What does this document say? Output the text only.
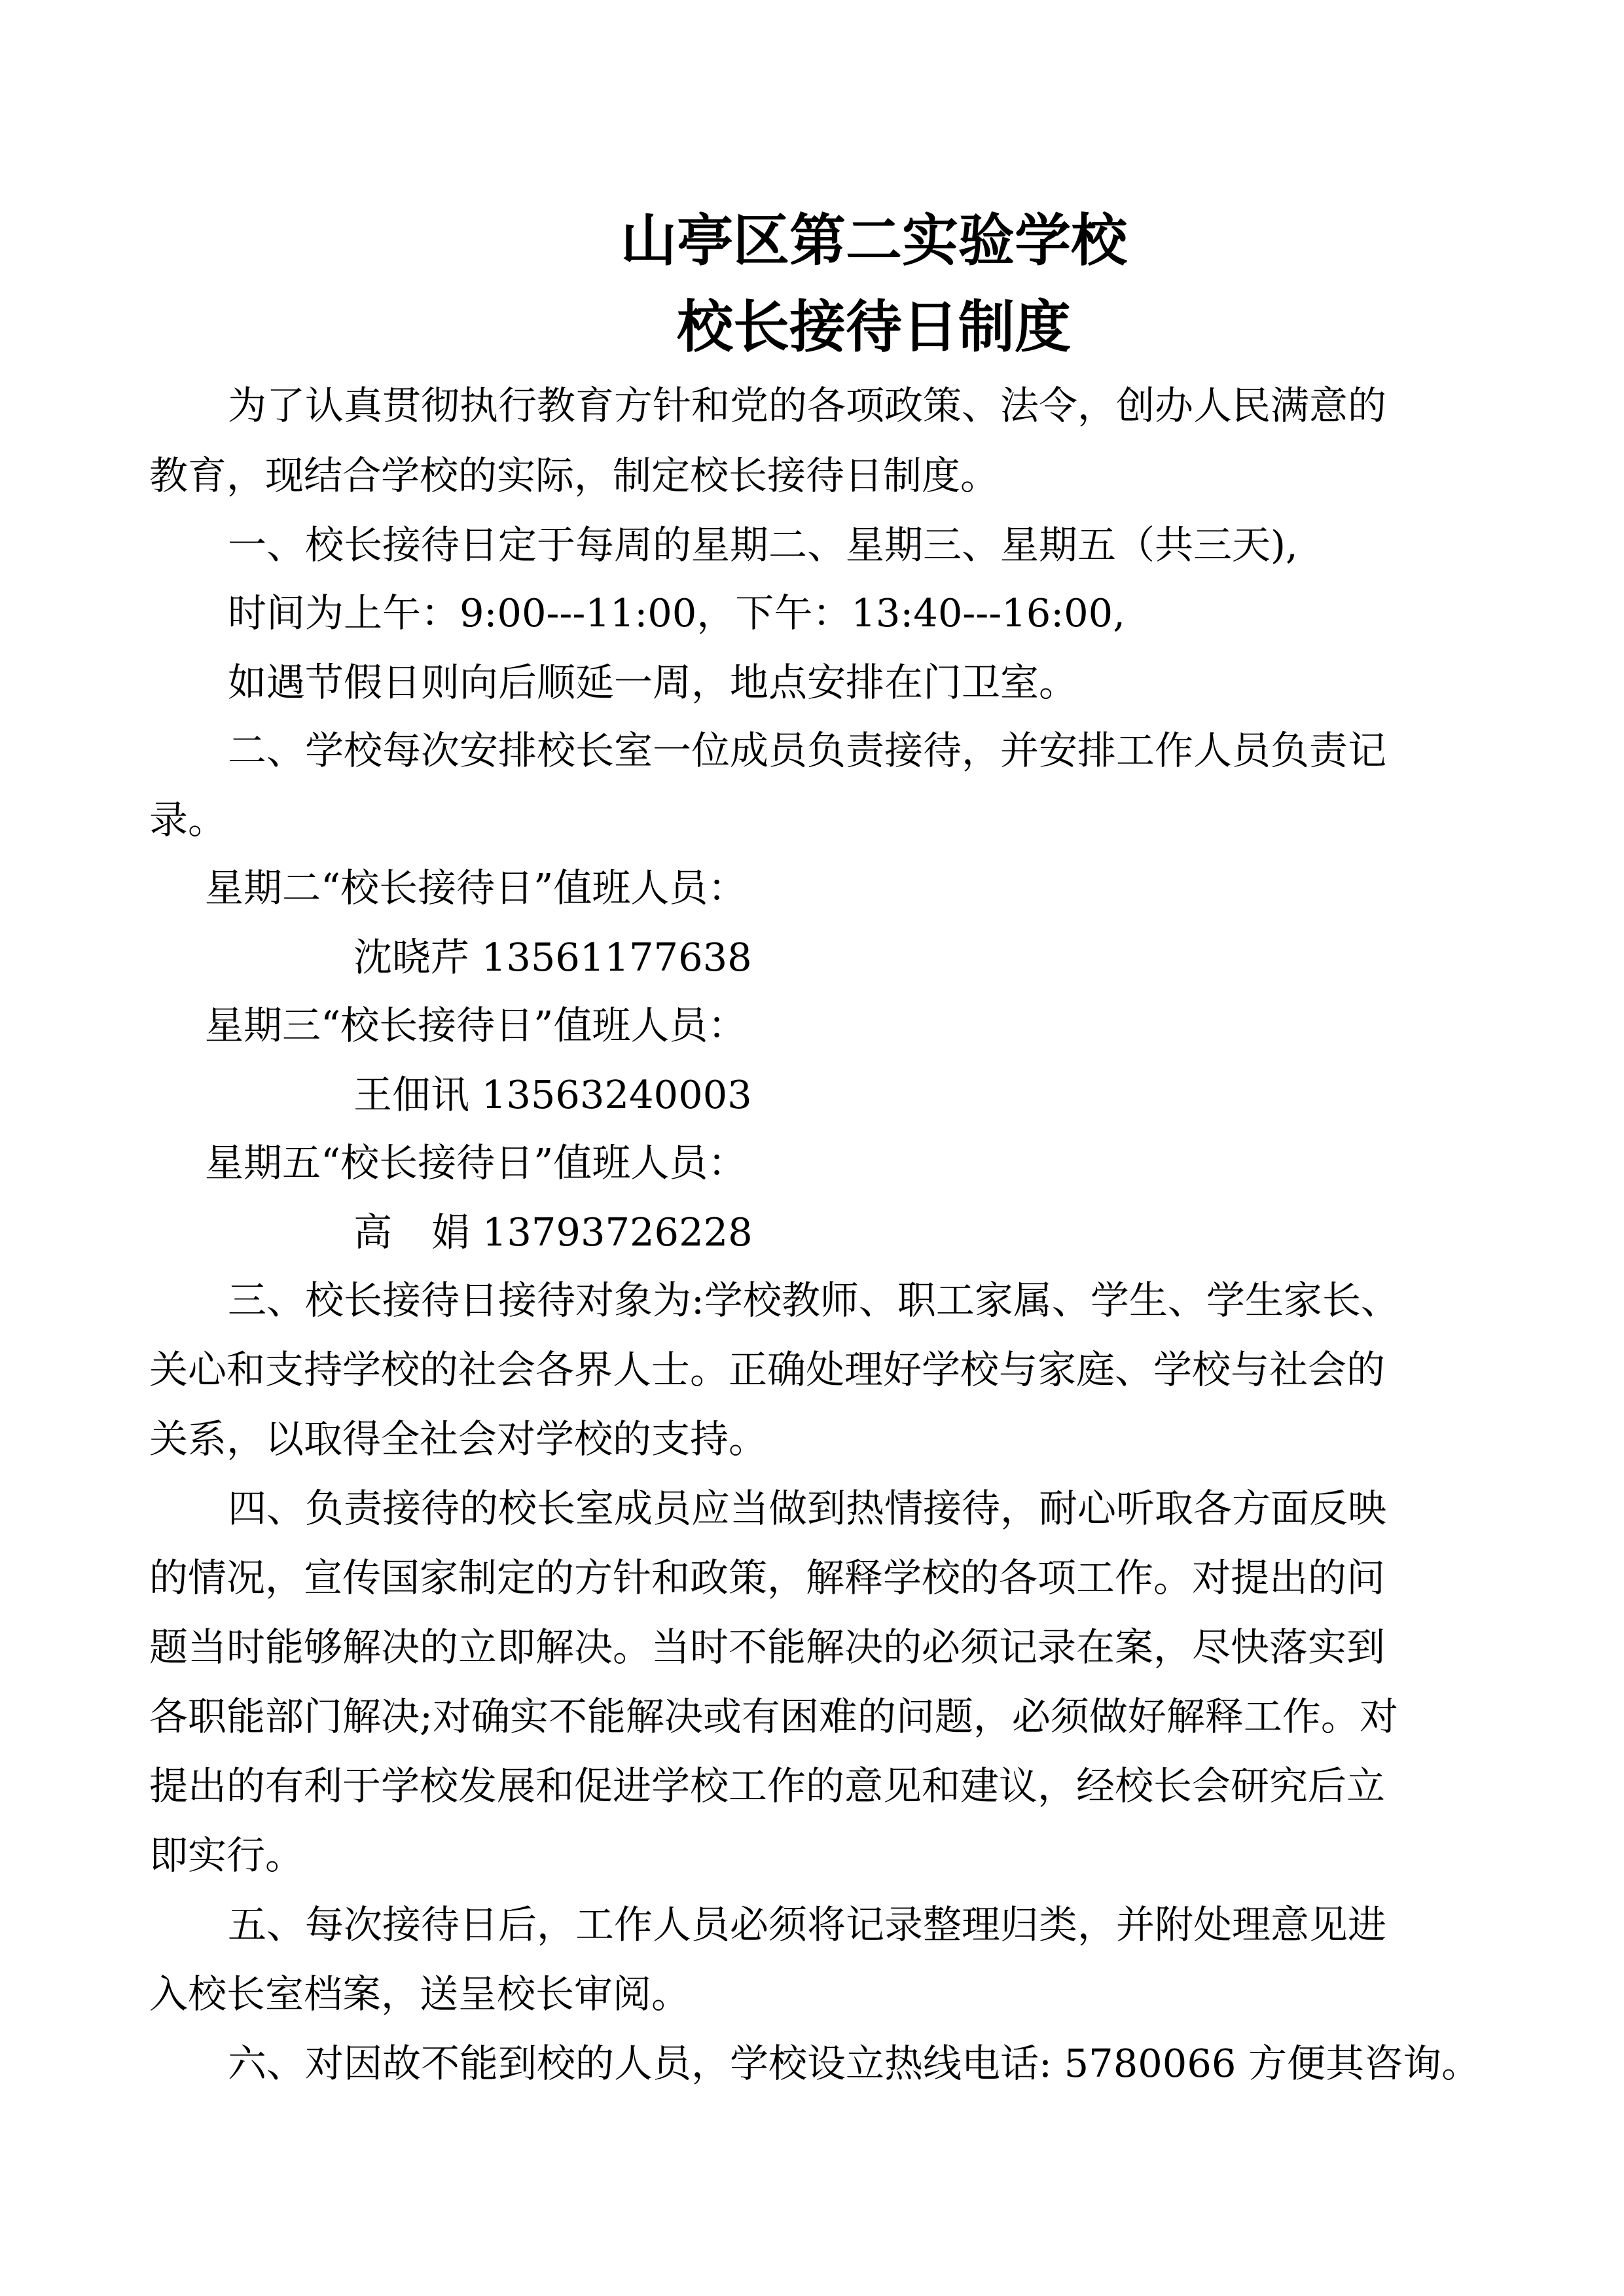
山亭区第二实验学校
校长接待日制度
为了认真贯彻执行教育方针和党的各项政策、法令，创办人民满意的
教育，现结合学校的实际，制定校长接待日制度。
一、校长接待日定于每周的星期二、星期三、星期五（共三天),
时间为上午：9:00---11:00，下午：13:40---16:00,
如遇节假日则向后顺延一周，地点安排在门卫室。
二、学校每次安排校长室一位成员负责接待，并安排工作人员负责记
录。
星期二“校长接待日”值班人员：
沈晓芹 13561177638
星期三“校长接待日”值班人员：
王佃讯 13563240003
星期五“校长接待日”值班人员：
高 娟 13793726228
三、校长接待日接待对象为:学校教师、职工家属、学生、学生家长、
关心和支持学校的社会各界人士。正确处理好学校与家庭、学校与社会的
关系，以取得全社会对学校的支持。
四、负责接待的校长室成员应当做到热情接待，耐心听取各方面反映
的情况，宣传国家制定的方针和政策，解释学校的各项工作。对提出的问
题当时能够解决的立即解决。当时不能解决的必须记录在案，尽快落实到
各职能部门解决;对确实不能解决或有困难的问题，必须做好解释工作。对
提出的有利于学校发展和促进学校工作的意见和建议，经校长会研究后立
即实行。
五、每次接待日后，工作人员必须将记录整理归类，并附处理意见进
入校长室档案，送呈校长审阅。
六、对因故不能到校的人员，学校设立热线电话: 5780066 方便其咨询。
